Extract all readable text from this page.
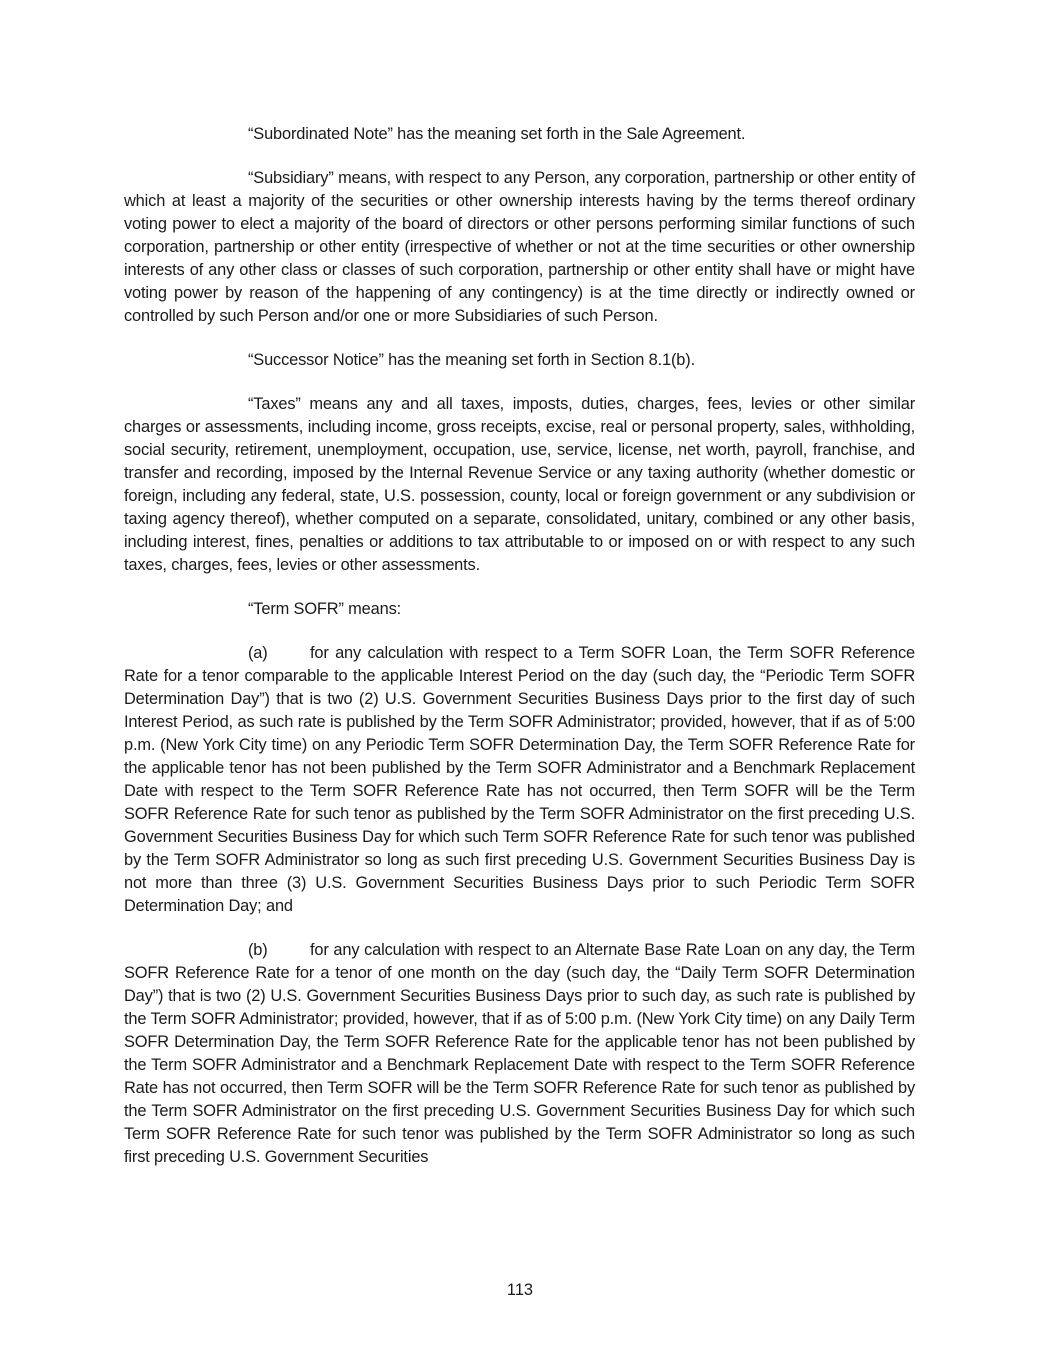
“Subordinated Note” has the meaning set forth in the Sale Agreement.

“Subsidiary” means, with respect to any Person, any corporation, partnership or other entity of which at least a majority of the securities or other ownership interests having by the terms thereof ordinary voting power to elect a majority of the board of directors or other persons performing similar functions of such corporation, partnership or other entity (irrespective of whether or not at the time securities or other ownership interests of any other class or classes of such corporation, partnership or other entity shall have or might have voting power by reason of the happening of any contingency) is at the time directly or indirectly owned or controlled by such Person and/or one or more Subsidiaries of such Person.

“Successor Notice” has the meaning set forth in Section 8.1(b).

“Taxes” means any and all taxes, imposts, duties, charges, fees, levies or other similar charges or assessments, including income, gross receipts, excise, real or personal property, sales, withholding, social security, retirement, unemployment, occupation, use, service, license, net worth, payroll, franchise, and transfer and recording, imposed by the Internal Revenue Service or any taxing authority (whether domestic or foreign, including any federal, state, U.S. possession, county, local or foreign government or any subdivision or taxing agency thereof), whether computed on a separate, consolidated, unitary, combined or any other basis, including interest, fines, penalties or additions to tax attributable to or imposed on or with respect to any such taxes, charges, fees, levies or other assessments.

“Term SOFR” means:

(a)	for any calculation with respect to a Term SOFR Loan, the Term SOFR Reference Rate for a tenor comparable to the applicable Interest Period on the day (such day, the “Periodic Term SOFR Determination Day”) that is two (2) U.S. Government Securities Business Days prior to the first day of such Interest Period, as such rate is published by the Term SOFR Administrator; provided, however, that if as of 5:00 p.m. (New York City time) on any Periodic Term SOFR Determination Day, the Term SOFR Reference Rate for the applicable tenor has not been published by the Term SOFR Administrator and a Benchmark Replacement Date with respect to the Term SOFR Reference Rate has not occurred, then Term SOFR will be the Term SOFR Reference Rate for such tenor as published by the Term SOFR Administrator on the first preceding U.S. Government Securities Business Day for which such Term SOFR Reference Rate for such tenor was published by the Term SOFR Administrator so long as such first preceding U.S. Government Securities Business Day is not more than three (3) U.S. Government Securities Business Days prior to such Periodic Term SOFR Determination Day; and

(b)	for any calculation with respect to an Alternate Base Rate Loan on any day, the Term SOFR Reference Rate for a tenor of one month on the day (such day, the “Daily Term SOFR Determination Day”) that is two (2) U.S. Government Securities Business Days prior to such day, as such rate is published by the Term SOFR Administrator; provided, however, that if as of 5:00 p.m. (New York City time) on any Daily Term SOFR Determination Day, the Term SOFR Reference Rate for the applicable tenor has not been published by the Term SOFR Administrator and a Benchmark Replacement Date with respect to the Term SOFR Reference Rate has not occurred, then Term SOFR will be the Term SOFR Reference Rate for such tenor as published by the Term SOFR Administrator on the first preceding U.S. Government Securities Business Day for which such Term SOFR Reference Rate for such tenor was published by the Term SOFR Administrator so long as such first preceding U.S. Government Securities

113
